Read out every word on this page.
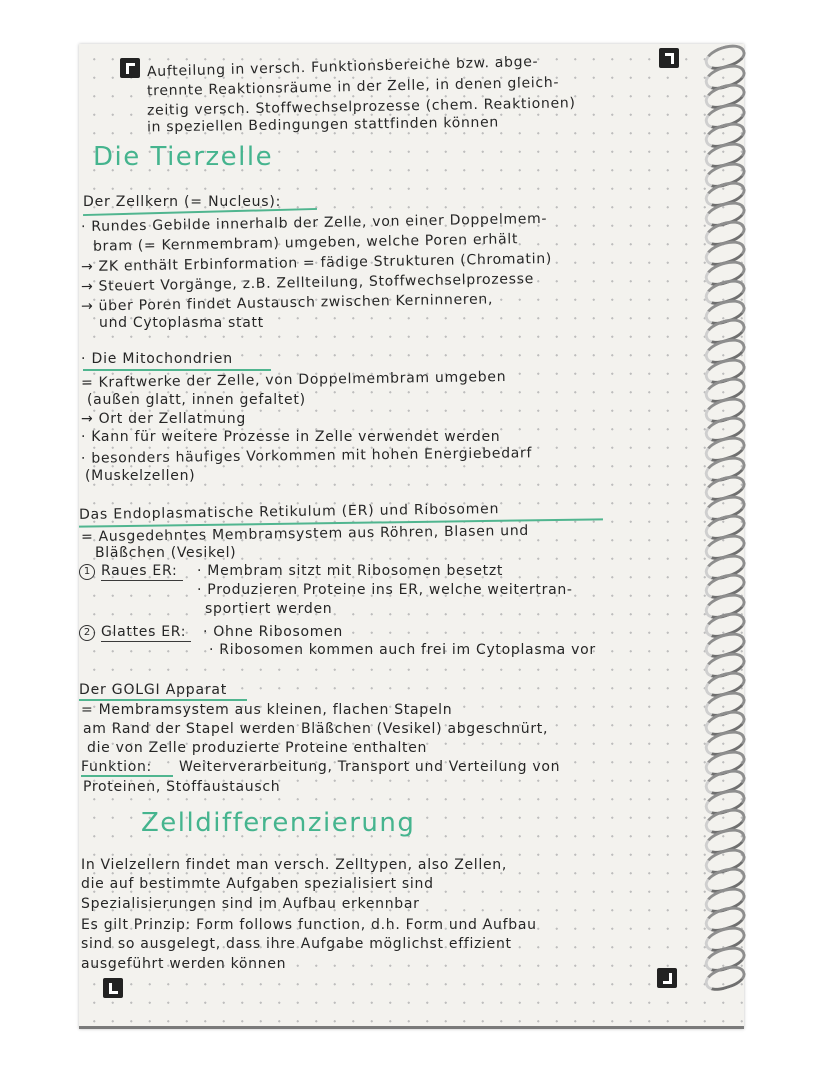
Aufteilung in versch. Funktionsbereiche bzw. abge-
trennte Reaktionsräume in der Zelle, in denen gleich-
zeitig versch. Stoffwechselprozesse (chem. Reaktionen)
in speziellen Bedingungen stattfinden können
Die Tierzelle
Der Zellkern (= Nucleus):
· Rundes Gebilde innerhalb der Zelle, von einer Doppelmem-
bram (= Kernmembram) umgeben, welche Poren erhält
→ ZK enthält Erbinformation = fädige Strukturen (Chromatin)
→ Steuert Vorgänge, z.B. Zellteilung, Stoffwechselprozesse
→ über Poren findet Austausch zwischen Kerninneren,
und Cytoplasma statt
· Die Mitochondrien
= Kraftwerke der Zelle, von Doppelmembram umgeben
(außen glatt, innen gefaltet)
→ Ort der Zellatmung
· Kann für weitere Prozesse in Zelle verwendet werden
· besonders häufiges Vorkommen mit hohen Energiebedarf
(Muskelzellen)
Das Endoplasmatische Retikulum (ER) und Ribosomen
= Ausgedehntes Membramsystem aus Röhren, Blasen und
Bläßchen (Vesikel)
1 Raues ER: · Membram sitzt mit Ribosomen besetzt
· Produzieren Proteine ins ER, welche weitertran-
sportiert werden
2 Glattes ER: · Ohne Ribosomen
· Ribosomen kommen auch frei im Cytoplasma vor
Der GOLGI Apparat
= Membramsystem aus kleinen, flachen Stapeln
am Rand der Stapel werden Bläßchen (Vesikel) abgeschnürt,
die von Zelle produzierte Proteine enthalten
Funktion: Weiterverarbeitung, Transport und Verteilung von
Proteinen, Stoffaustausch
Zelldifferenzierung
In Vielzellern findet man versch. Zelltypen, also Zellen,
die auf bestimmte Aufgaben spezialisiert sind
Spezialisierungen sind im Aufbau erkennbar
Es gilt Prinzip: Form follows function, d.h. Form und Aufbau
sind so ausgelegt, dass ihre Aufgabe möglichst effizient
ausgeführt werden können
